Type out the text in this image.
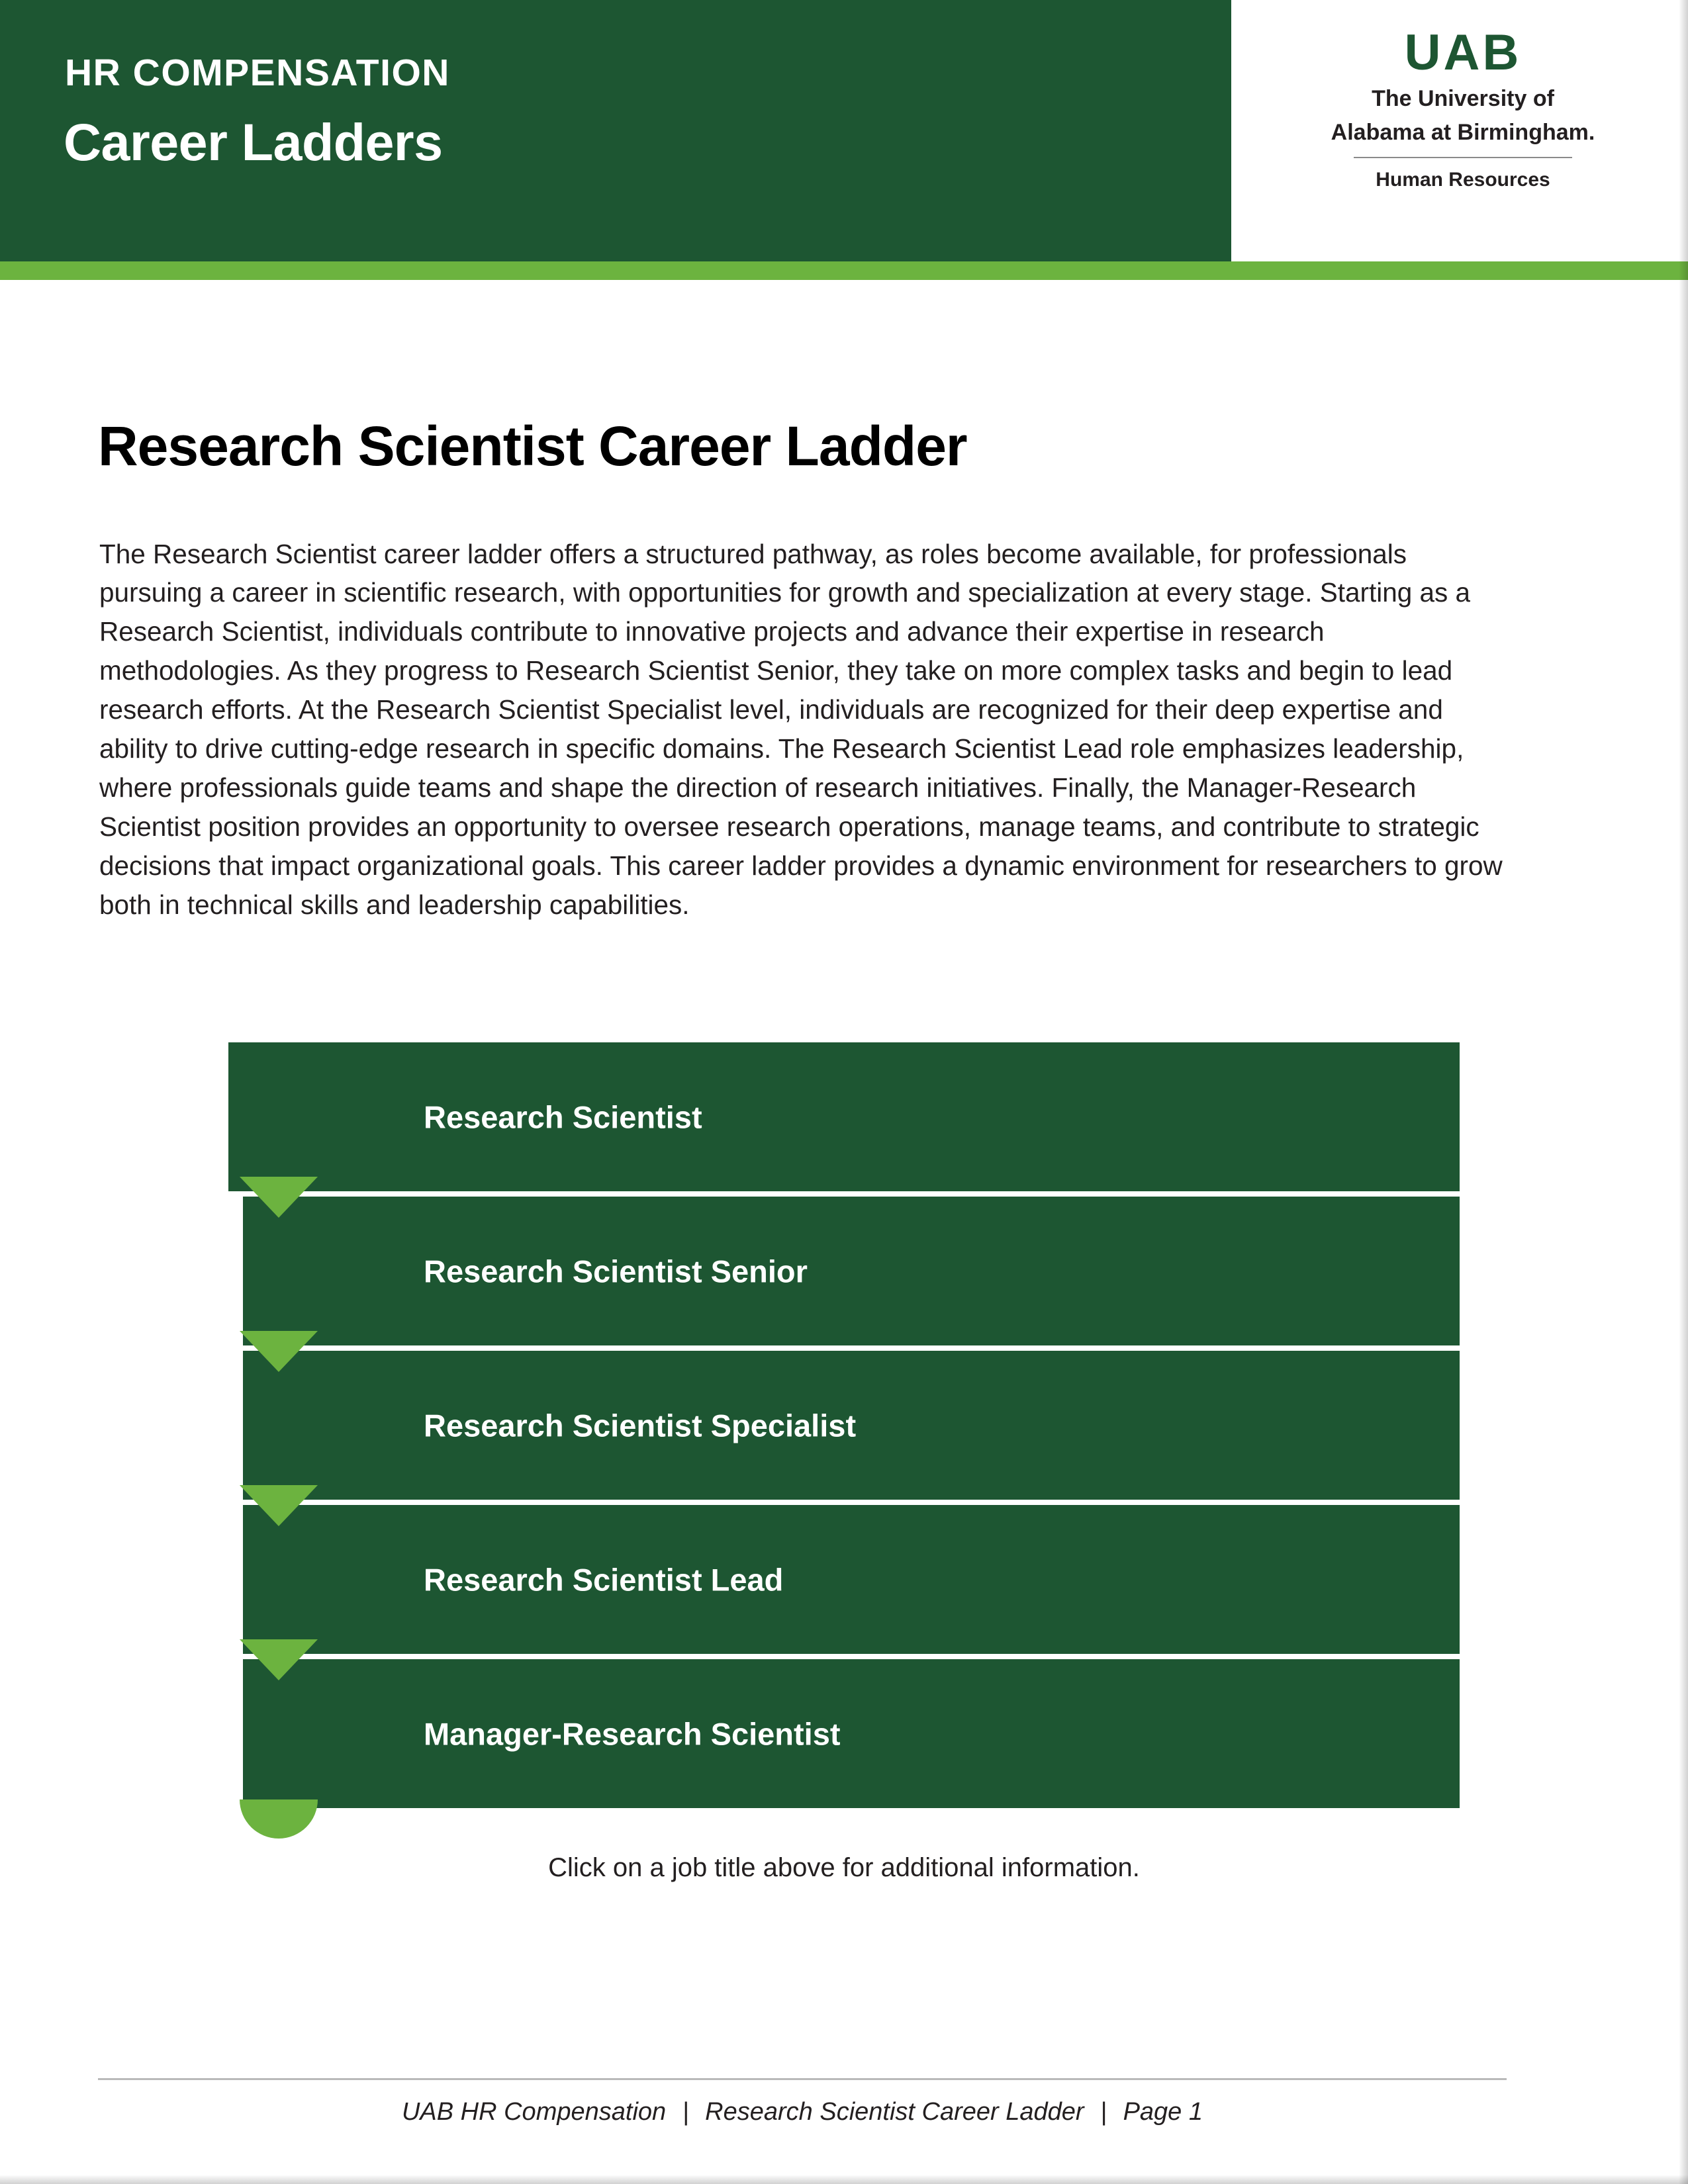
HR COMPENSATION
Career Ladders
UAB
The University of
Alabama at Birmingham.
Human Resources
Research Scientist Career Ladder

The Research Scientist career ladder offers a structured pathway, as roles become available, for professionals pursuing a career in scientific research, with opportunities for growth and specialization at every stage. Starting as a Research Scientist, individuals contribute to innovative projects and advance their expertise in research methodologies. As they progress to Research Scientist Senior, they take on more complex tasks and begin to lead research efforts. At the Research Scientist Specialist level, individuals are recognized for their deep expertise and ability to drive cutting-edge research in specific domains. The Research Scientist Lead role emphasizes leadership, where professionals guide teams and shape the direction of research initiatives. Finally, the Manager-Research Scientist position provides an opportunity to oversee research operations, manage teams, and contribute to strategic decisions that impact organizational goals. This career ladder provides a dynamic environment for researchers to grow both in technical skills and leadership capabilities.

Research Scientist
Research Scientist Senior
Research Scientist Specialist
Research Scientist Lead
Manager-Research Scientist
Click on a job title above for additional information.
UAB HR Compensation | Research Scientist Career Ladder | Page 1
